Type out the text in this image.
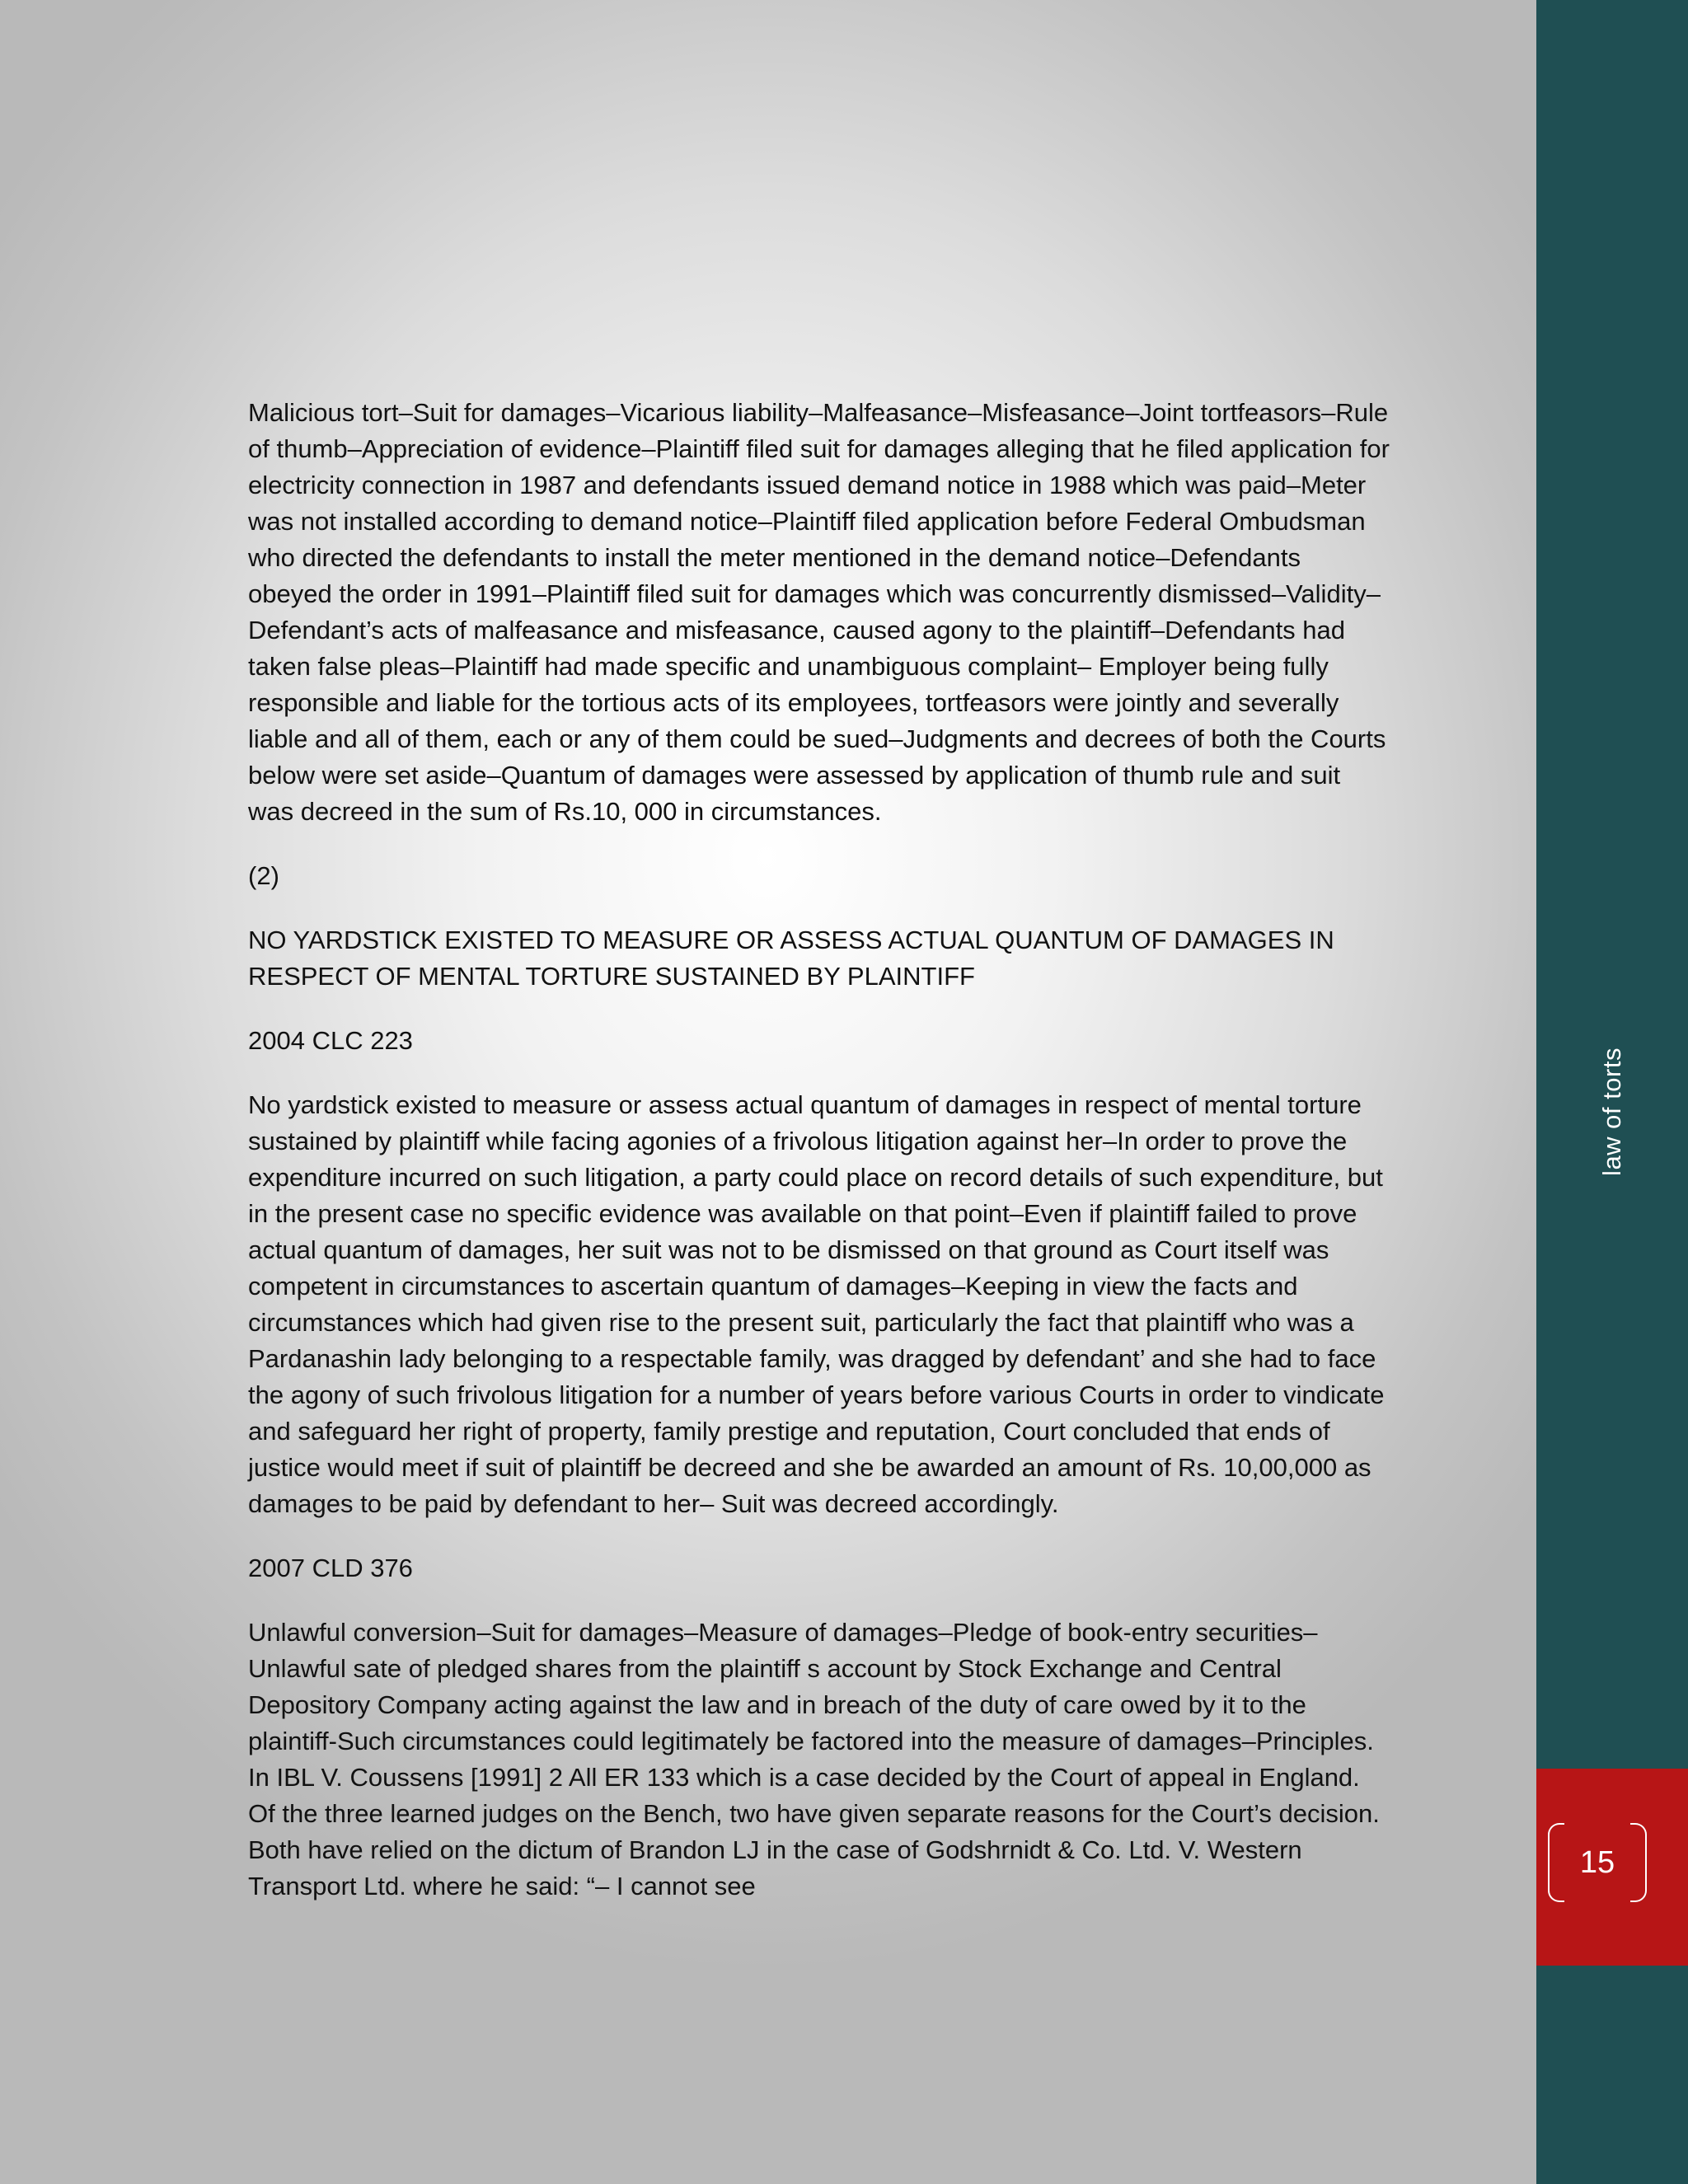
Malicious tort–Suit for damages–Vicarious liability–Malfeasance–Misfeasance–Joint tortfeasors–Rule of thumb–Appreciation of evidence–Plaintiff filed suit for damages alleging that he filed application for electricity connection in 1987 and defendants issued demand notice in 1988 which was paid–Meter was not installed according to demand notice–Plaintiff filed application before Federal Ombudsman who directed the defendants to install the meter mentioned in the demand notice–Defendants obeyed the order in 1991–Plaintiff filed suit for damages which was concurrently dismissed–Validity–Defendant’s acts of malfeasance and misfeasance, caused agony to the plaintiff–Defendants had taken false pleas–Plaintiff had made specific and unambiguous complaint– Employer being fully responsible and liable for the tortious acts of its employees, tortfeasors were jointly and severally liable and all of them, each or any of them could be sued–Judgments and decrees of both the Courts below were set aside–Quantum of damages were assessed by application of thumb rule and suit was decreed in the sum of Rs.10, 000 in circumstances.

(2)

NO YARDSTICK EXISTED TO MEASURE OR ASSESS ACTUAL QUANTUM OF DAMAGES IN RESPECT OF MENTAL TORTURE SUSTAINED BY PLAINTIFF

2004 CLC 223

No yardstick existed to measure or assess actual quantum of damages in respect of mental torture sustained by plaintiff while facing agonies of a frivolous litigation against her–In order to prove the expenditure incurred on such litigation, a party could place on record details of such expenditure, but in the present case no specific evidence was available on that point–Even if plaintiff failed to prove actual quantum of damages, her suit was not to be dismissed on that ground as Court itself was competent in circumstances to ascertain quantum of damages–Keeping in view the facts and circumstances which had given rise to the present suit, particularly the fact that plaintiff who was a Pardanashin lady belonging to a respectable family, was dragged by defendant’ and she had to face the agony of such frivolous litigation for a number of years before various Courts in order to vindicate and safeguard her right of property, family prestige and reputation, Court concluded that ends of justice would meet if suit of plaintiff be decreed and she be awarded an amount of Rs. 10,00,000 as damages to be paid by defendant to her– Suit was decreed accordingly.

2007 CLD 376

Unlawful conversion–Suit for damages–Measure of damages–Pledge of book-entry securities–Unlawful sate of pledged shares from the plaintiff s account by Stock Exchange and Central Depository Company acting against the law and in breach of the duty of care owed by it to the plaintiff-Such circumstances could legitimately be factored into the measure of damages–Principles. In IBL V. Coussens [1991] 2 All ER 133 which is a case decided by the Court of appeal in England. Of the three learned judges on the Bench, two have given separate reasons for the Court’s decision. Both have relied on the dictum of Brandon LJ in the case of Godshrnidt & Co. Ltd. V. Western Transport Ltd. where he said: “– I cannot see

law of torts
15
